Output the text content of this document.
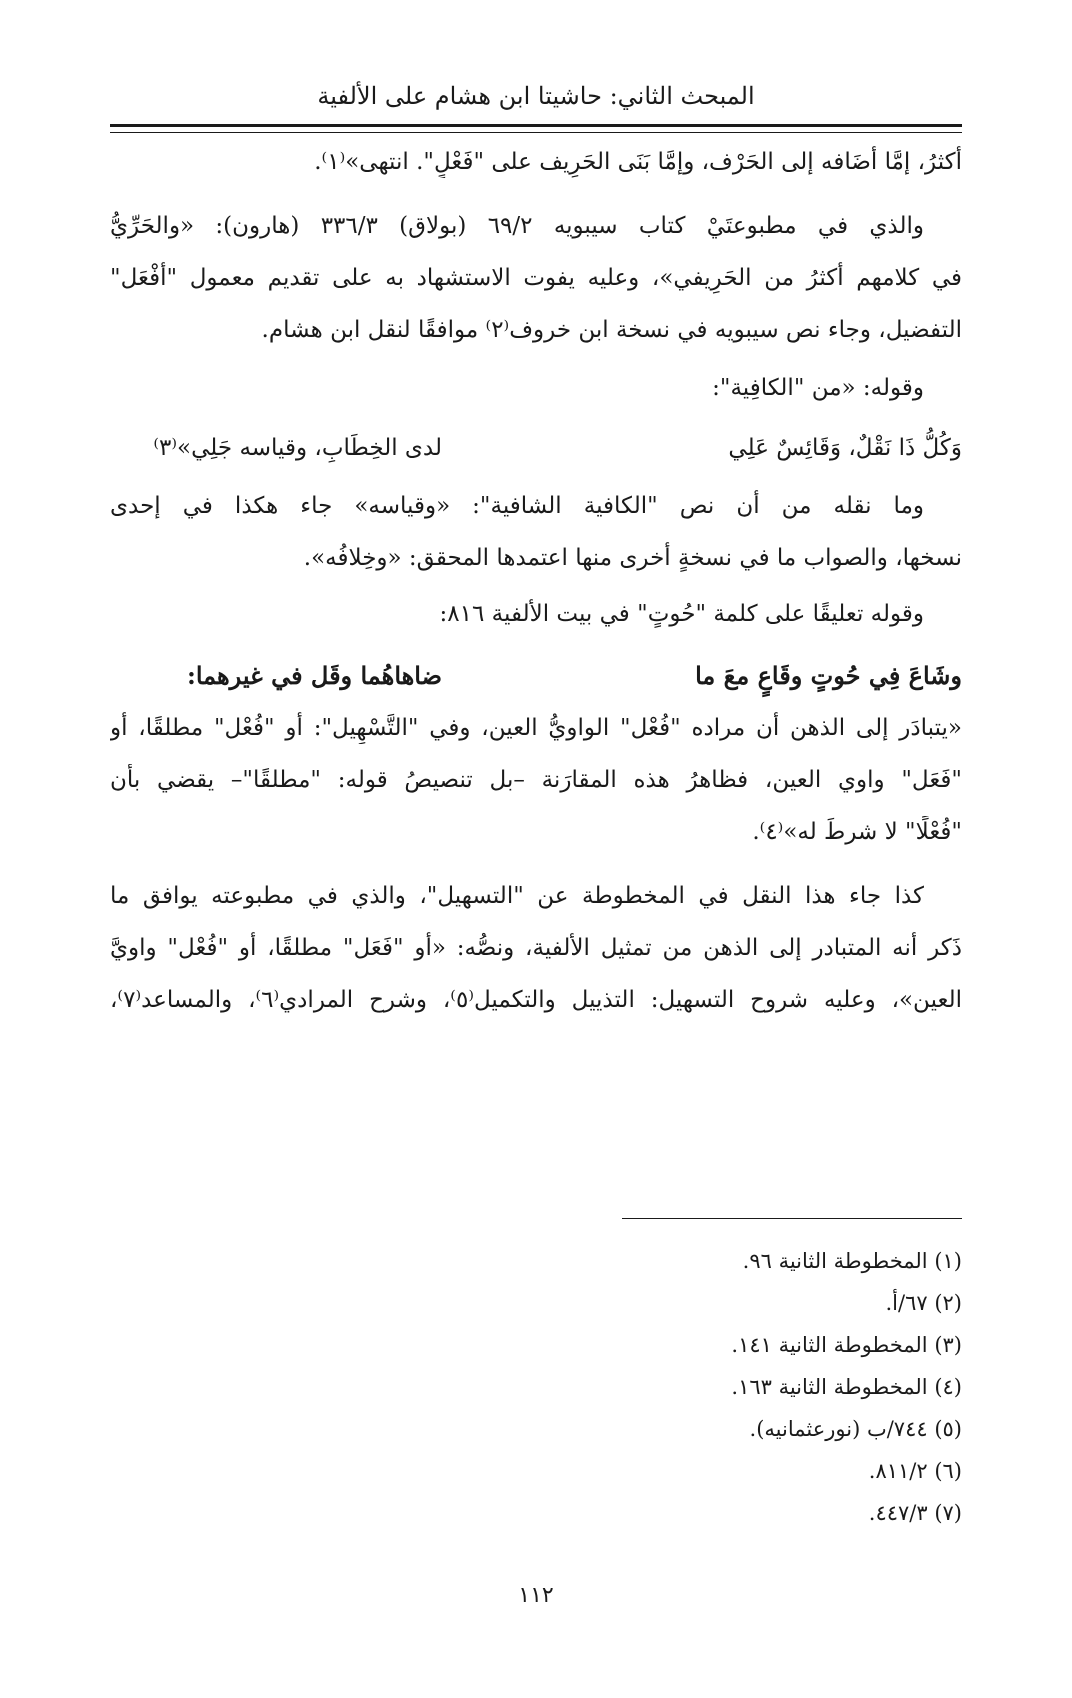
المبحث الثاني: حاشيتا ابن هشام على الألفية
أكثرُ، إمَّا أَضَافه إلى الحَرْف، وإمَّا بَنَى الحَرِيف على "فَعْلٍ". انتهى»⁽١⁾.
والذي في مطبوعتَيْ كتاب سيبويه ٦٩/٢ (بولاق) ٣٣٦/٣ (هارون): «والحَرِّيُّ
في كلامهم أكثرُ من الحَرِيفي»، وعليه يفوت الاستشهاد به على تقديم معمول "أَفْعَل"
التفضيل، وجاء نص سيبويه في نسخة ابن خروف⁽٢⁾ موافقًا لنقل ابن هشام.
وقوله: «من "الكافِية":
وَكُلُّ ذَا نَقْلٌ، وَقَائِسٌ عَلِي
لدى الخِطَابِ، وقياسه جَلِي»⁽٣⁾
وما نقله من أن نص "الكافية الشافية": «وقياسه» جاء هكذا في إحدى
نسخها، والصواب ما في نسخةٍ أخرى منها اعتمدها المحقق: «وخِلافُه».
وقوله تعليقًا على كلمة "حُوتٍ" في بيت الألفية ٨١٦:
وشَاعَ فِي حُوتٍ وقَاعٍ معَ ما
ضاهاهُما وقَل في غيرهما:
«يتبادَر إلى الذهن أن مراده "فُعْل" الواويُّ العين، وفي "التَّسْهِيل": أو "فُعْل" مطلقًا، أو
"فَعَل" واوي العين، فظاهرُ هذه المقارَنة –بل تنصيصُ قوله: "مطلقًا"– يقضي بأن
"فُعْلًا" لا شرطَ له»⁽٤⁾.
كذا جاء هذا النقل في المخطوطة عن "التسهيل"، والذي في مطبوعته يوافق ما
ذَكر أنه المتبادر إلى الذهن من تمثيل الألفية، ونصُّه: «أو "فَعَل" مطلقًا، أو "فُعْل" واويَّ
العين»، وعليه شروح التسهيل: التذييل والتكميل⁽٥⁾، وشرح المرادي⁽٦⁾، والمساعد⁽٧⁾،
(١) المخطوطة الثانية ٩٦.
(٢) ٦٧/أ.
(٣) المخطوطة الثانية ١٤١.
(٤) المخطوطة الثانية ١٦٣.
(٥) ٧٤٤/ب (نورعثمانيه).
(٦) ٨١١/٢.
(٧) ٤٤٧/٣.
١١٢
